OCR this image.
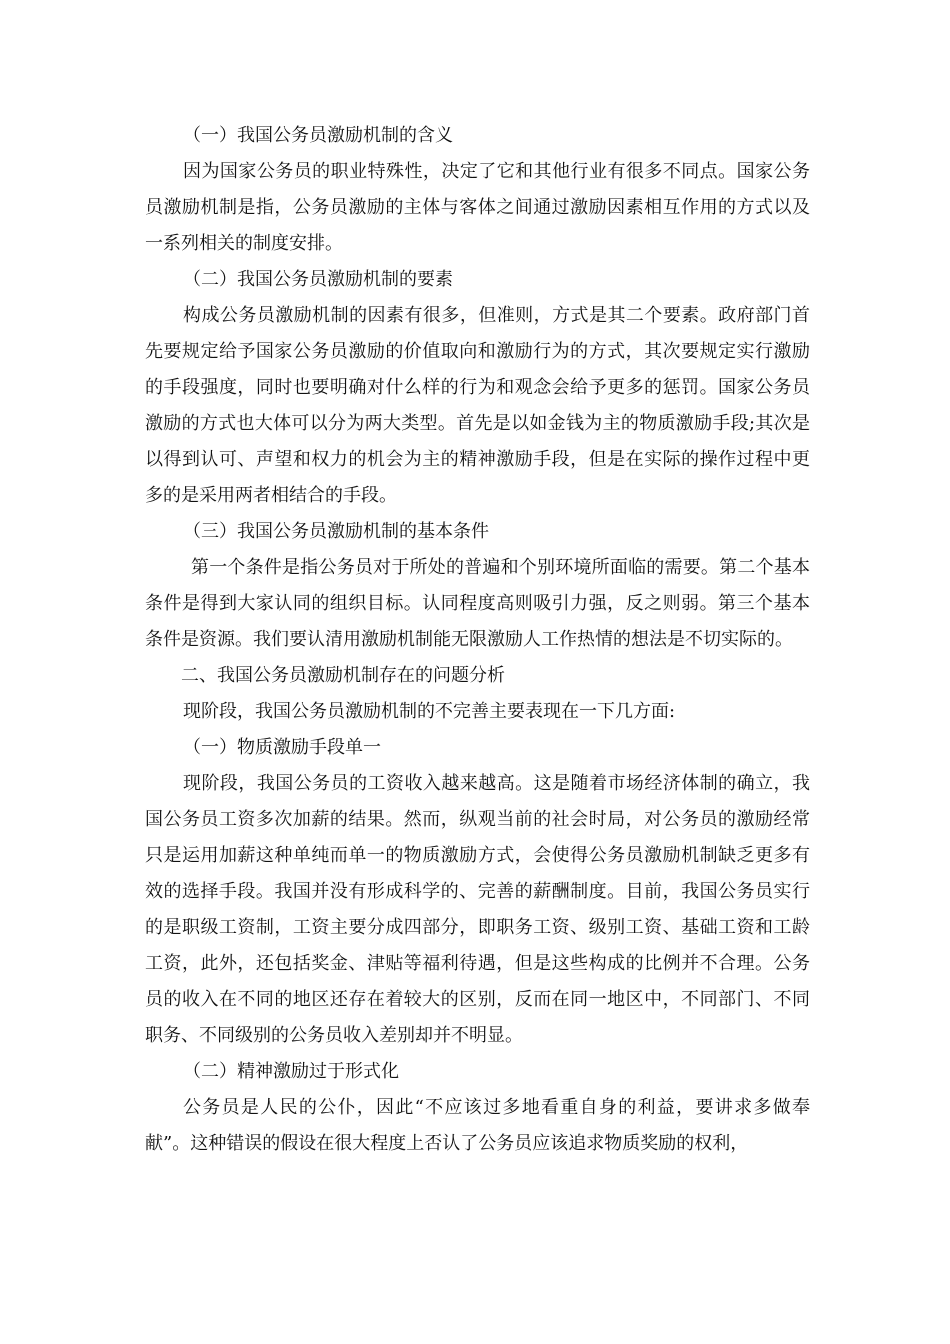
（一）我国公务员激励机制的含义

因为国家公务员的职业特殊性，决定了它和其他行业有很多不同点。国家公务员激励机制是指，公务员激励的主体与客体之间通过激励因素相互作用的方式以及一系列相关的制度安排。

（二）我国公务员激励机制的要素

构成公务员激励机制的因素有很多，但准则，方式是其二个要素。政府部门首先要规定给予国家公务员激励的价值取向和激励行为的方式，其次要规定实行激励的手段强度，同时也要明确对什么样的行为和观念会给予更多的惩罚。国家公务员激励的方式也大体可以分为两大类型。首先是以如金钱为主的物质激励手段;其次是以得到认可、声望和权力的机会为主的精神激励手段，但是在实际的操作过程中更多的是采用两者相结合的手段。

（三）我国公务员激励机制的基本条件

第一个条件是指公务员对于所处的普遍和个别环境所面临的需要。第二个基本条件是得到大家认同的组织目标。认同程度高则吸引力强，反之则弱。第三个基本条件是资源。我们要认清用激励机制能无限激励人工作热情的想法是不切实际的。

二、我国公务员激励机制存在的问题分析

现阶段，我国公务员激励机制的不完善主要表现在一下几方面:

（一）物质激励手段单一

现阶段，我国公务员的工资收入越来越高。这是随着市场经济体制的确立，我国公务员工资多次加薪的结果。然而，纵观当前的社会时局，对公务员的激励经常只是运用加薪这种单纯而单一的物质激励方式，会使得公务员激励机制缺乏更多有效的选择手段。我国并没有形成科学的、完善的薪酬制度。目前，我国公务员实行的是职级工资制，工资主要分成四部分，即职务工资、级别工资、基础工资和工龄工资，此外，还包括奖金、津贴等福利待遇，但是这些构成的比例并不合理。公务员的收入在不同的地区还存在着较大的区别，反而在同一地区中，不同部门、不同职务、不同级别的公务员收入差别却并不明显。

（二）精神激励过于形式化

公务员是人民的公仆，因此“不应该过多地看重自身的利益，要讲求多做奉献”。这种错误的假设在很大程度上否认了公务员应该追求物质奖励的权利，
